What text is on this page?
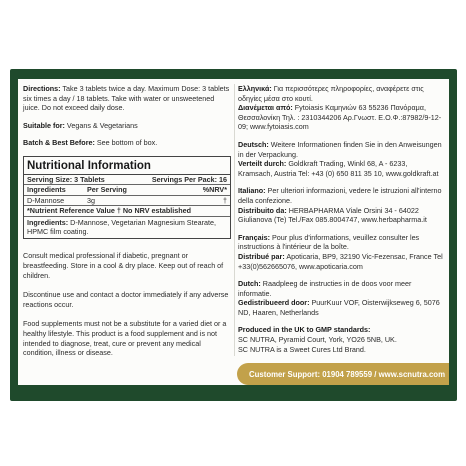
Directions: Take 3 tablets twice a day. Maximum Dose: 3 tablets six times a day / 18 tablets. Take with water or unsweetened juice. Do not exceed daily dose.

Suitable for: Vegans & Vegetarians

Batch & Best Before: See bottom of box.

Nutritional Information
Serving Size: 3 Tablets	Servings Per Pack: 16
Ingredients	Per Serving	%NRV*
D-Mannose	3g	†
*Nutrient Reference Value † No NRV established
Ingredients: D-Mannose, Vegetarian Magnesium Stearate, HPMC film coating.

Consult medical professional if diabetic, pregnant or breastfeeding. Store in a cool & dry place. Keep out of reach of children.

Discontinue use and contact a doctor immediately if any adverse reactions occur.

Food supplements must not be a substitute for a varied diet or a healthy lifestyle. This product is a food supplement and is not intended to diagnose, treat, cure or prevent any medical condition, illness or disease.

Ελληνικά: Για περισσότερες πληροφορίες, αναφέρετε στις οδηγίες μέσα στο κουτί.

Διανέμεται από: Fytoiasis Καμηνιών 63 55236 Πανόραμα, Θεσσαλονίκη Τηλ. : 2310344206 Αρ.Γνωστ. Ε.Ο.Φ.:87982/9-12-09; www.fytoiasis.com

Deutsch: Weitere Informationen finden Sie in den Anweisungen in der Verpackung.

Verteilt durch: Goldkraft Trading, Winkl 68, A - 6233, Kramsach, Austria Tel: +43 (0) 650 811 35 10, www.goldkraft.at

Italiano: Per ulteriori informazioni, vedere le istruzioni all'interno della confezione.

Distribuito da: HERBAPHARMA Viale Orsini 34 - 64022 Giulianova (Te) Tel./Fax 085.8004747, www.herbapharma.it

Français: Pour plus d'informations, veuillez consulter les instructions à l'intérieur de la boîte.

Distribué par: Apoticaria, BP9, 32190 Vic-Fezensac, France Tel +33(0)562665076, www.apoticaria.com

Dutch: Raadpleeg de instructies in de doos voor meer informatie.

Gedistribueerd door: PuurKuur VOF, Oisterwijkseweg 6, 5076 ND, Haaren, Netherlands

Produced in the UK to GMP standards:

SC NUTRA, Pyramid Court, York, YO26 5NB, UK.

SC NUTRA is a Sweet Cures Ltd Brand.

Customer Support: 01904 789559 / www.scnutra.com
